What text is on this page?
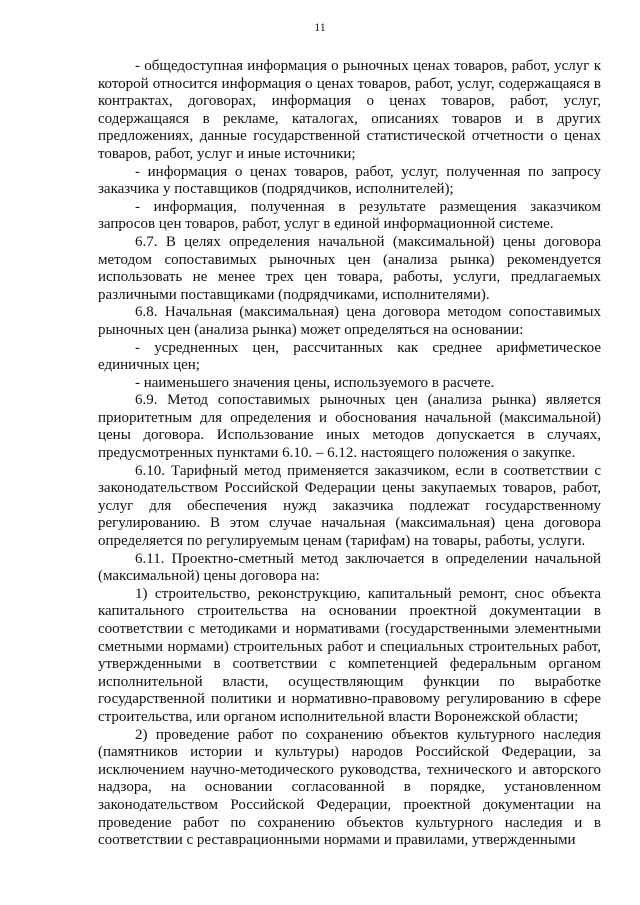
11

- общедоступная информация о рыночных ценах товаров, работ, услуг к которой относится информация о ценах товаров, работ, услуг, содержащаяся в контрактах, договорах, информация о ценах товаров, работ, услуг, содержащаяся в рекламе, каталогах, описаниях товаров и в других предложениях, данные государственной статистической отчетности о ценах товаров, работ, услуг и иные источники;

- информация о ценах товаров, работ, услуг, полученная по запросу заказчика у поставщиков (подрядчиков, исполнителей);

- информация, полученная в результате размещения заказчиком запросов цен товаров, работ, услуг в единой информационной системе.

6.7. В целях определения начальной (максимальной) цены договора методом сопоставимых рыночных цен (анализа рынка) рекомендуется использовать не менее трех цен товара, работы, услуги, предлагаемых различными поставщиками (подрядчиками, исполнителями).

6.8. Начальная (максимальная) цена договора методом сопоставимых рыночных цен (анализа рынка) может определяться на основании:

- усредненных цен, рассчитанных как среднее арифметическое единичных цен;

- наименьшего значения цены, используемого в расчете.

6.9. Метод сопоставимых рыночных цен (анализа рынка) является приоритетным для определения и обоснования начальной (максимальной) цены договора. Использование иных методов допускается в случаях, предусмотренных пунктами 6.10. – 6.12. настоящего положения о закупке.

6.10. Тарифный метод применяется заказчиком, если в соответствии с законодательством Российской Федерации цены закупаемых товаров, работ, услуг для обеспечения нужд заказчика подлежат государственному регулированию. В этом случае начальная (максимальная) цена договора определяется по регулируемым ценам (тарифам) на товары, работы, услуги.

6.11. Проектно-сметный метод заключается в определении начальной (максимальной) цены договора на:

1) строительство, реконструкцию, капитальный ремонт, снос объекта капитального строительства на основании проектной документации в соответствии с методиками и нормативами (государственными элементными сметными нормами) строительных работ и специальных строительных работ, утвержденными в соответствии с компетенцией федеральным органом исполнительной власти, осуществляющим функции по выработке государственной политики и нормативно-правовому регулированию в сфере строительства, или органом исполнительной власти Воронежской области;

2) проведение работ по сохранению объектов культурного наследия (памятников истории и культуры) народов Российской Федерации, за исключением научно-методического руководства, технического и авторского надзора, на основании согласованной в порядке, установленном законодательством Российской Федерации, проектной документации на проведение работ по сохранению объектов культурного наследия и в соответствии с реставрационными нормами и правилами, утвержденными
